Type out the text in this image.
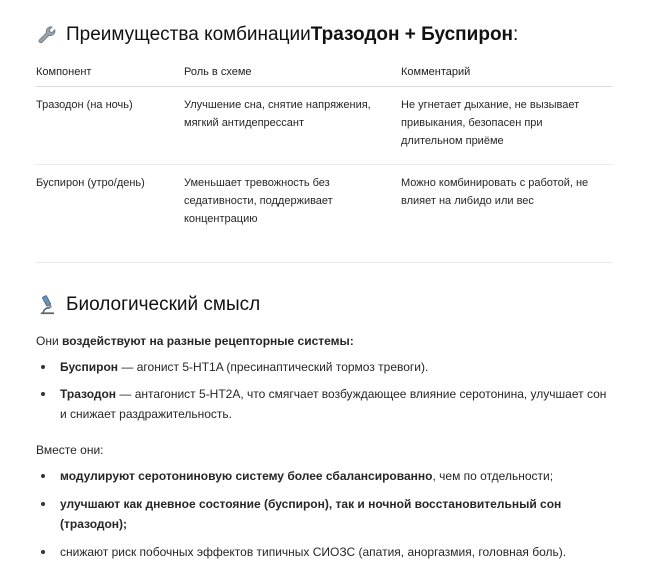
Преимущества комбинации Тразодон + Буспирон :
Компонент	Роль в схеме	Комментарий
Тразодон (на ночь)	Улучшение сна, снятие напряжения, мягкий антидепрессант	Не угнетает дыхание, не вызывает привыкания, безопасен при длительном приёме
Буспирон (утро/день)	Уменьшает тревожность без седативности, поддерживает концентрацию	Можно комбинировать с работой, не влияет на либидо или вес
Биологический смысл

Они воздействуют на разные рецепторные системы:

Буспирон — агонист 5-HT1A (пресинаптический тормоз тревоги).
Тразодон — антагонист 5-HT2A, что смягчает возбуждающее влияние серотонина, улучшает сон и снижает раздражительность.

Вместе они:

модулируют серотониновую систему более сбалансированно, чем по отдельности;
улучшают как дневное состояние (буспирон), так и ночной восстановительный сон (тразодон);
снижают риск побочных эффектов типичных СИОЗС (апатия, аноргазмия, головная боль).
